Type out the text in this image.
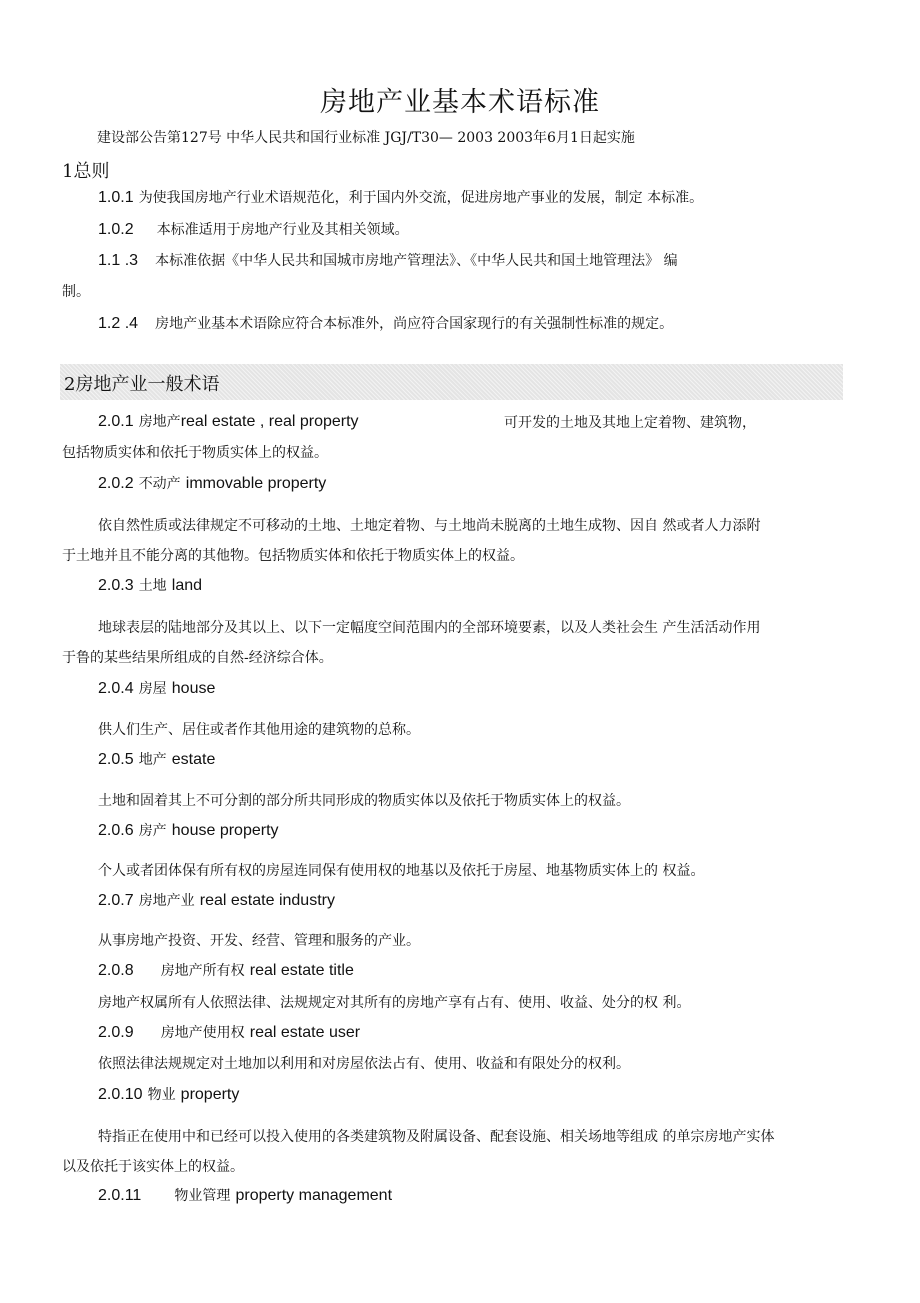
房地产业基本术语标准
建设部公告第127号 中华人民共和国行业标准 JGJ/T30— 2003 2003年6月1日起实施
1总则
1.0.1 为使我国房地产行业术语规范化，利于国内外交流，促进房地产事业的发展，制定 本标准。
1.0.2 本标准适用于房地产行业及其相关领域。
1.1 .3 本标准依据《中华人民共和国城市房地产管理法》、《中华人民共和国土地管理法》 编
制。
1.2 .4 房地产业基本术语除应符合本标准外，尚应符合国家现行的有关强制性标准的规定。
2房地产业一般术语
2.0.1 房地产real estate , real property	可开发的土地及其地上定着物、建筑物，
包括物质实体和依托于物质实体上的权益。
2.0.2 不动产 immovable property
依自然性质或法律规定不可移动的土地、土地定着物、与土地尚未脱离的土地生成物、因自 然或者人力添附
于土地并且不能分离的其他物。包括物质实体和依托于物质实体上的权益。
2.0.3 土地 land
地球表层的陆地部分及其以上、以下一定幅度空间范围内的全部环境要素，以及人类社会生 产生活活动作用
于鲁的某些结果所组成的自然-经济综合体。
2.0.4 房屋 house
供人们生产、居住或者作其他用途的建筑物的总称。
2.0.5 地产 estate
土地和固着其上不可分割的部分所共同形成的物质实体以及依托于物质实体上的权益。
2.0.6 房产 house property
个人或者团体保有所有权的房屋连同保有使用权的地基以及依托于房屋、地基物质实体上的 权益。
2.0.7 房地产业 real estate industry
从事房地产投资、开发、经营、管理和服务的产业。
2.0.8 房地产所有权 real estate title
房地产权属所有人依照法律、法规规定对其所有的房地产享有占有、使用、收益、处分的权 利。
2.0.9 房地产使用权 real estate user
依照法律法规规定对土地加以利用和对房屋依法占有、使用、收益和有限处分的权利。
2.0.10 物业 property
特指正在使用中和已经可以投入使用的各类建筑物及附属设备、配套设施、相关场地等组成 的单宗房地产实体
以及依托于该实体上的权益。
2.0.11 物业管理 property management
